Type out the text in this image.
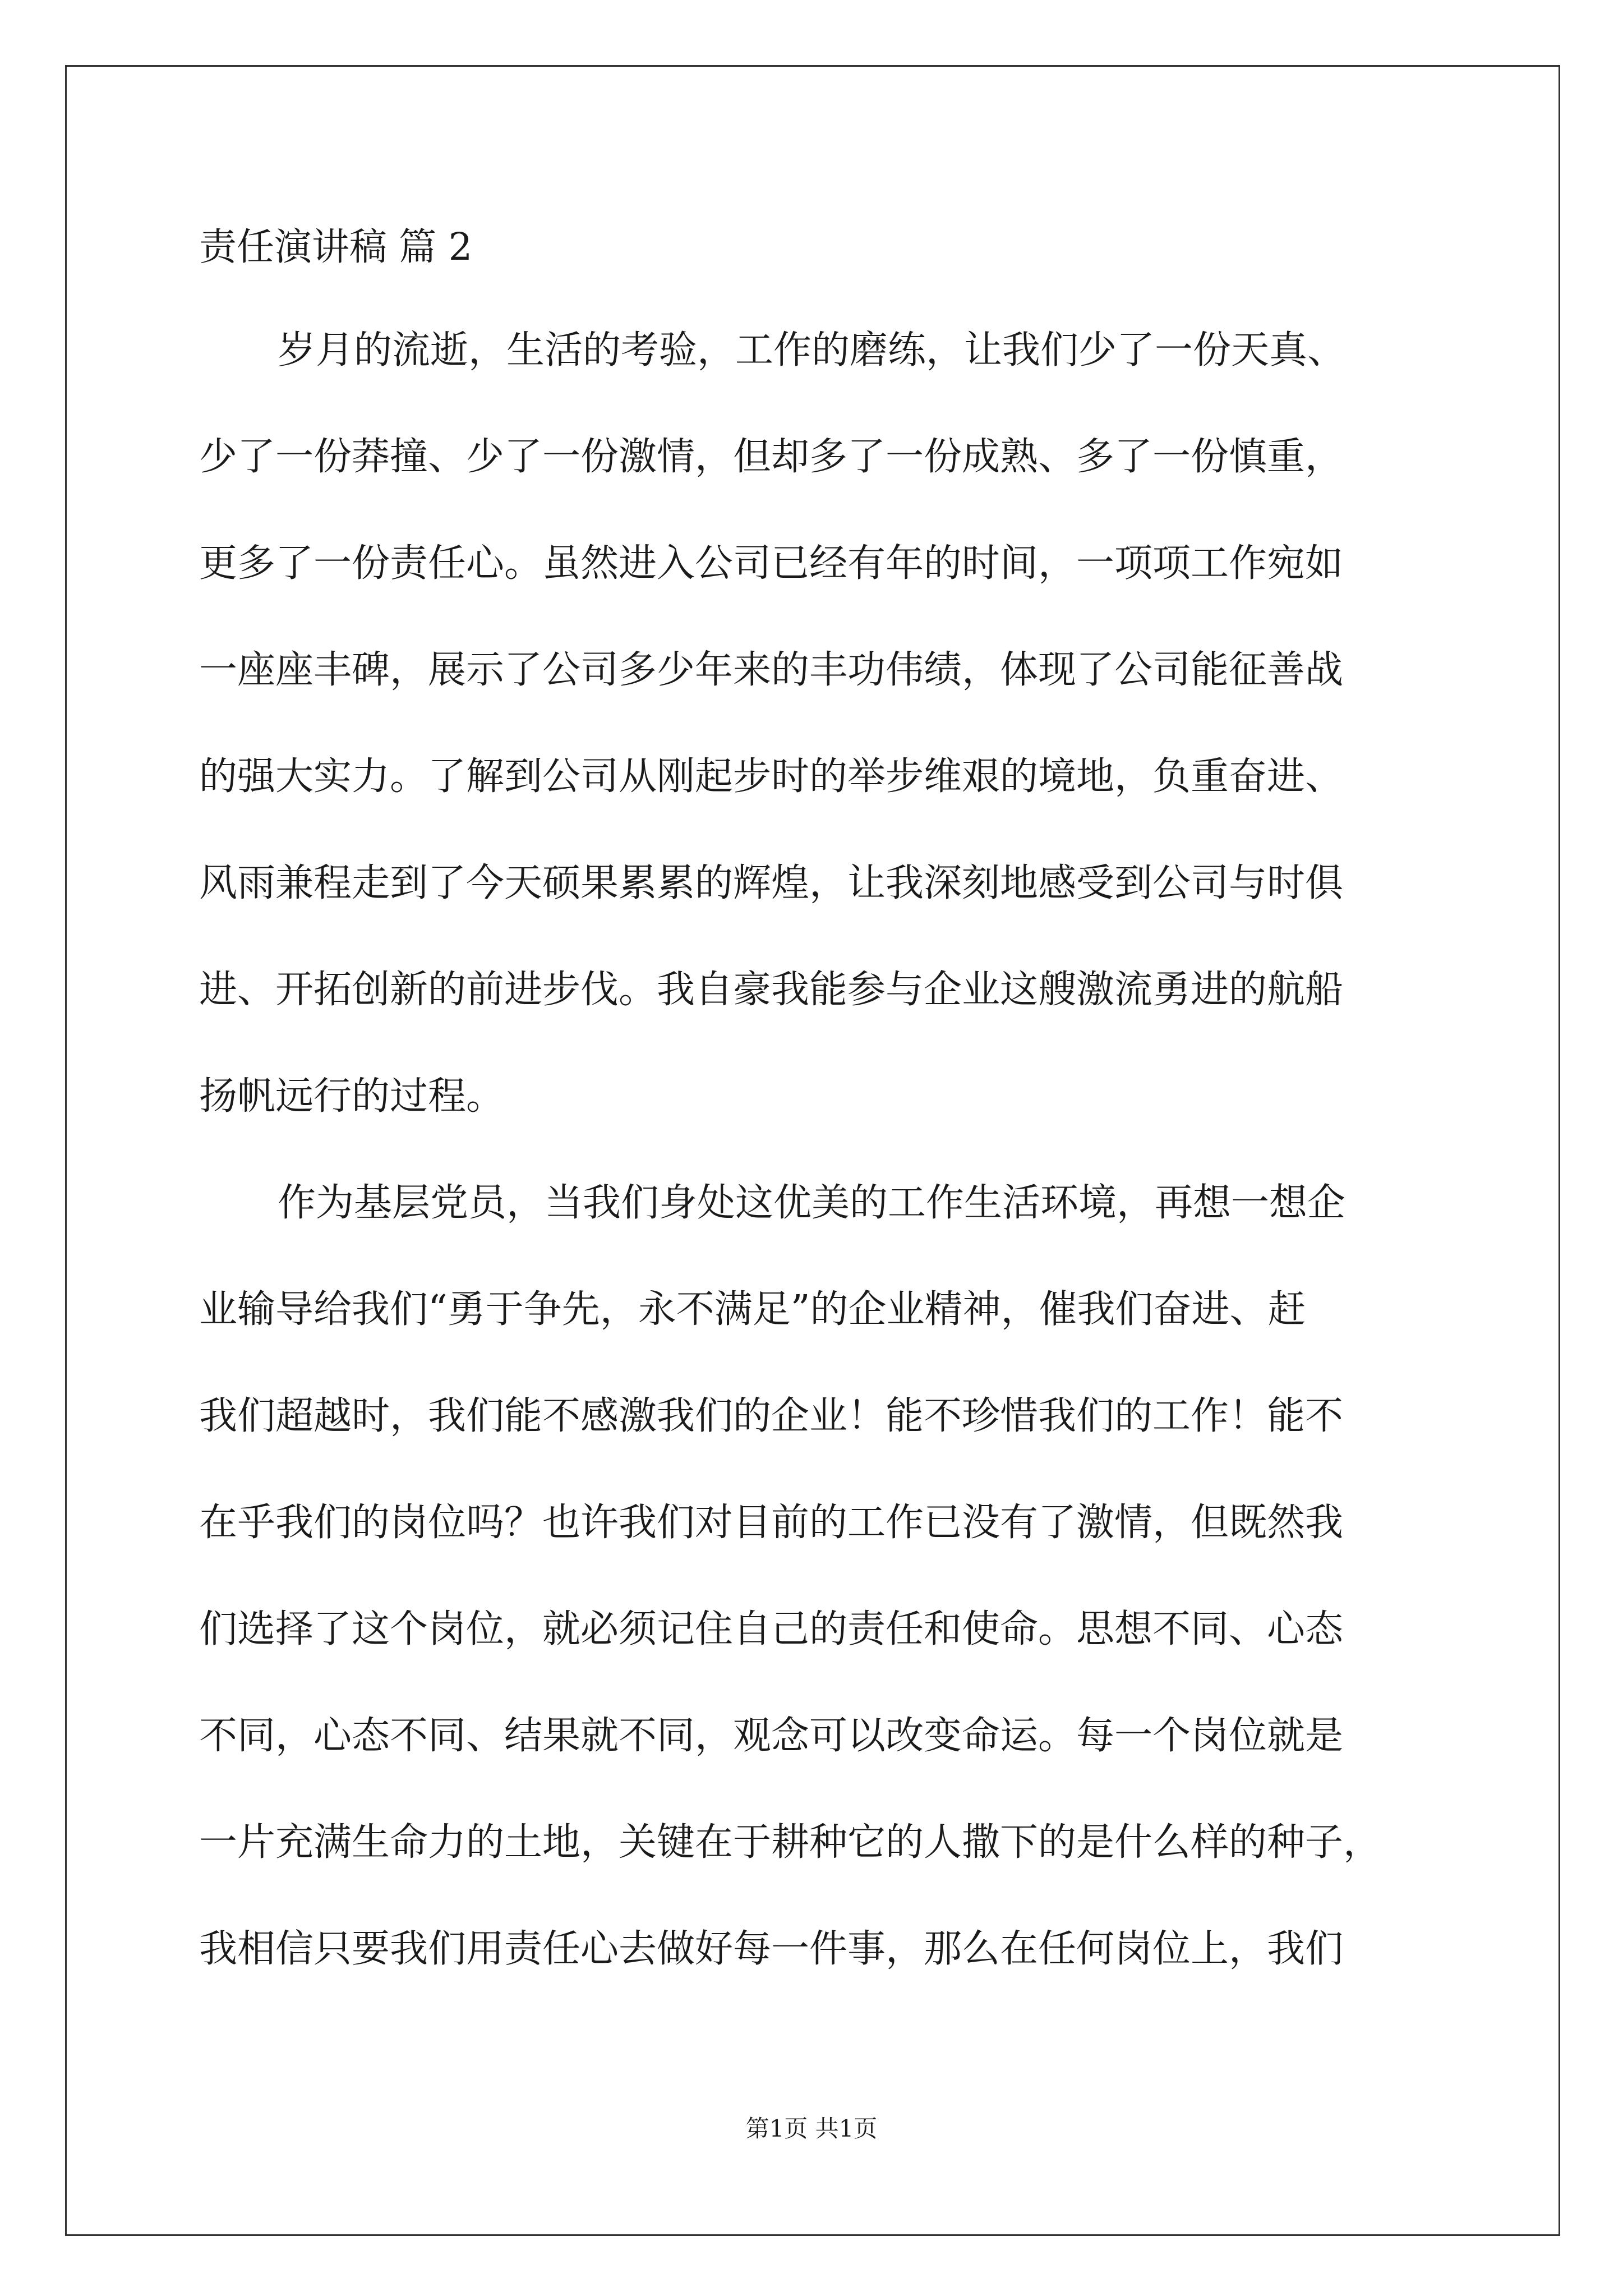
责任演讲稿 篇 2
岁月的流逝，生活的考验，工作的磨练，让我们少了一份天真、
少了一份莽撞、少了一份激情，但却多了一份成熟、多了一份慎重，
更多了一份责任心。虽然进入公司已经有年的时间，一项项工作宛如
一座座丰碑，展示了公司多少年来的丰功伟绩，体现了公司能征善战
的强大实力。了解到公司从刚起步时的举步维艰的境地，负重奋进、
风雨兼程走到了今天硕果累累的辉煌，让我深刻地感受到公司与时俱
进、开拓创新的前进步伐。我自豪我能参与企业这艘激流勇进的航船
扬帆远行的过程。
作为基层党员，当我们身处这优美的工作生活环境，再想一想企
业输导给我们“勇于争先，永不满足”的企业精神，催我们奋进、赶
我们超越时，我们能不感激我们的企业！能不珍惜我们的工作！能不
在乎我们的岗位吗？也许我们对目前的工作已没有了激情，但既然我
们选择了这个岗位，就必须记住自己的责任和使命。思想不同、心态
不同，心态不同、结果就不同，观念可以改变命运。每一个岗位就是
一片充满生命力的土地，关键在于耕种它的人撒下的是什么样的种子，
我相信只要我们用责任心去做好每一件事，那么在任何岗位上，我们
第1页 共1页
